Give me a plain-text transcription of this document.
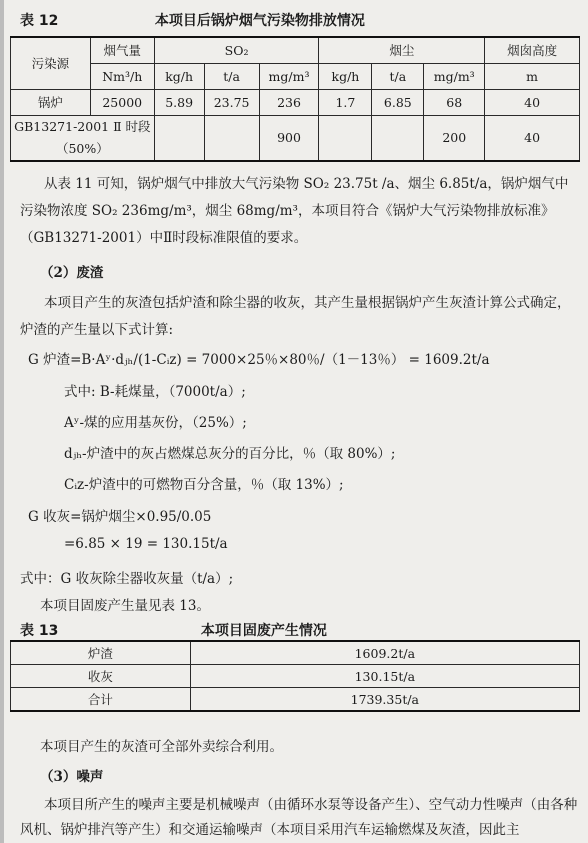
表 12	本项目后锅炉烟气污染物排放情况
污染源	烟气量	SO₂			烟尘			烟囱高度
	Nm³/h	kg/h	t/a	mg/m³	kg/h	t/a	mg/m³	m
锅炉	25000	5.89	23.75	236	1.7	6.85	68	40

GB13271-2001 Ⅱ 时段
（50%）				900			200	40
从表 11 可知，锅炉烟气中排放大气污染物 SO₂ 23.75t /a、烟尘 6.85t/a，锅炉烟气中污染物浓度 SO₂ 236mg/m³，烟尘 68mg/m³，本项目符合《锅炉大气污染物排放标准》（GB13271-2001）中Ⅱ时段标准限值的要求。
（2）废渣
本项目产生的灰渣包括炉渣和除尘器的收灰，其产生量根据锅炉产生灰渣计算公式确定，炉渣的产生量以下式计算:
G 炉渣=B·Aʸ·dⱼₕ/(1-Cᵢz) = 7000×25％×80％/（1－13％） = 1609.2t/a
式中: B-耗煤量，（7000t/a）;
Aʸ-煤的应用基灰份，（25%）;
dⱼₕ-炉渣中的灰占燃煤总灰分的百分比，％（取 80%）;
Cᵢz-炉渣中的可燃物百分含量，％（取 13%）;
G 收灰=锅炉烟尘×0.95/0.05
=6.85 × 19 = 130.15t/a
式中：G 收灰除尘器收灰量（t/a）;
本项目固废产生量见表 13。
表 13	本项目固废产生情况
炉渣	1609.2t/a
收灰	130.15t/a
合计	1739.35t/a
本项目产生的灰渣可全部外卖综合利用。
（3）噪声
本项目所产生的噪声主要是机械噪声（由循环水泵等设备产生）、空气动力性噪声（由各种风机、锅炉排汽等产生）和交通运输噪声（本项目采用汽车运输燃煤及灰渣，因此主
